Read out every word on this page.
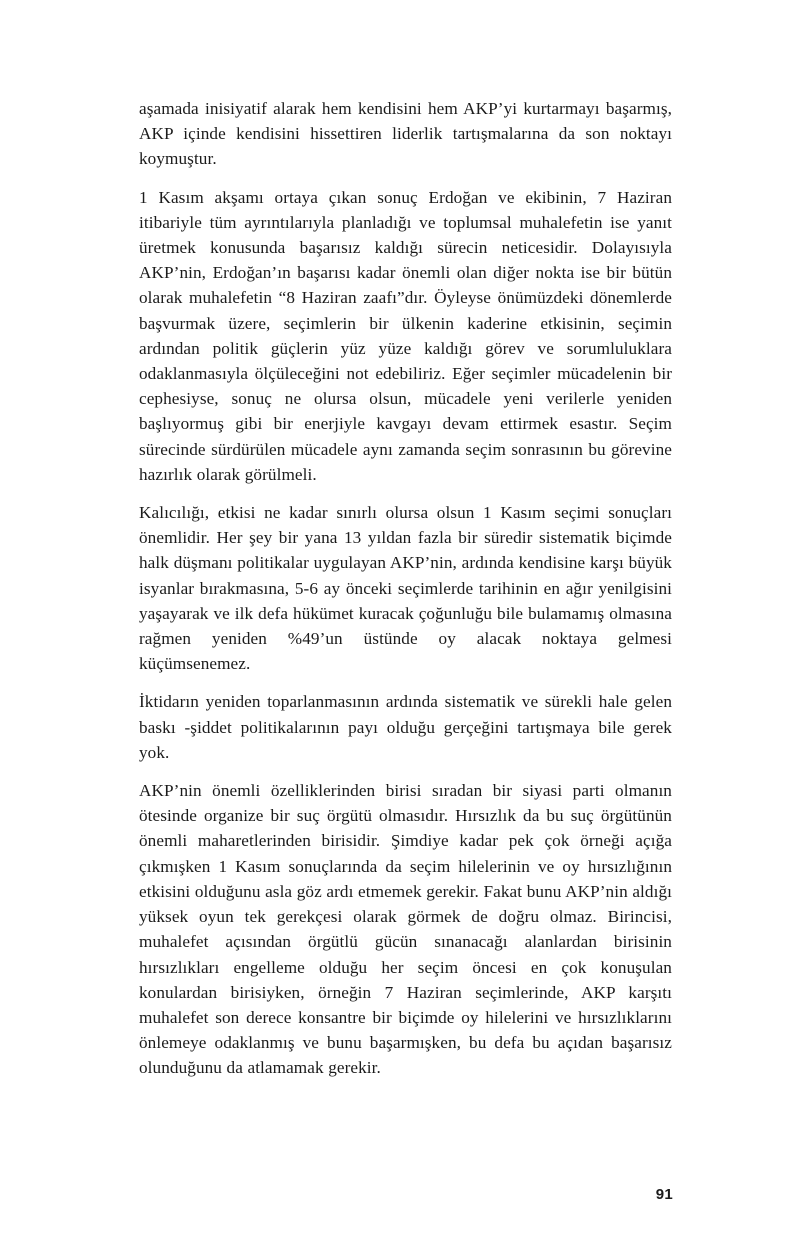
aşamada inisiyatif alarak hem kendisini hem AKP’yi kurtarmayı başarmış, AKP içinde kendisini hissettiren liderlik tartışmalarına da son noktayı koymuştur.

1 Kasım akşamı ortaya çıkan sonuç Erdoğan ve ekibinin, 7 Haziran itibariyle tüm ayrıntılarıyla planladığı ve toplumsal muhalefetin ise yanıt üretmek konusunda başarısız kaldığı sürecin neticesidir. Dolayısıyla AKP’nin, Erdoğan’ın başarısı kadar önemli olan diğer nokta ise bir bütün olarak muhalefetin “8 Haziran zaafı”dır. Öyleyse önümüzdeki dönemlerde başvurmak üzere, seçimlerin bir ülkenin kaderine etkisinin, seçimin ardından politik güçlerin yüz yüze kaldığı görev ve sorumluluklara odaklanmasıyla ölçüleceğini not edebiliriz. Eğer seçimler mücadelenin bir cephesiyse, sonuç ne olursa olsun, mücadele yeni verilerle yeniden başlıyormuş gibi bir enerjiyle kavgayı devam ettirmek esastır. Seçim sürecinde sürdürülen mücadele aynı zamanda seçim sonrasının bu görevine hazırlık olarak görülmeli.

Kalıcılığı, etkisi ne kadar sınırlı olursa olsun 1 Kasım seçimi sonuçları önemlidir. Her şey bir yana 13 yıldan fazla bir süredir sistematik biçimde halk düşmanı politikalar uygulayan AKP’nin, ardında kendisine karşı büyük isyanlar bırakmasına, 5-6 ay önceki seçimlerde tarihinin en ağır yenilgisini yaşayarak ve ilk defa hükümet kuracak çoğunluğu bile bulamamış olmasına rağmen yeniden %49’un üstünde oy alacak noktaya gelmesi küçümsenemez.

İktidarın yeniden toparlanmasının ardında sistematik ve sürekli hale gelen baskı -şiddet politikalarının payı olduğu gerçeğini tartışmaya bile gerek yok.

AKP’nin önemli özelliklerinden birisi sıradan bir siyasi parti olmanın ötesinde organize bir suç örgütü olmasıdır. Hırsızlık da bu suç örgütünün önemli maharetlerinden birisidir. Şimdiye kadar pek çok örneği açığa çıkmışken 1 Kasım sonuçlarında da seçim hilelerinin ve oy hırsızlığının etkisini olduğunu asla göz ardı etmemek gerekir. Fakat bunu AKP’nin aldığı yüksek oyun tek gerekçesi olarak görmek de doğru olmaz. Birincisi, muhalefet açısından örgütlü gücün sınanacağı alanlardan birisinin hırsızlıkları engelleme olduğu her seçim öncesi en çok konuşulan konulardan birisiyken, örneğin 7 Haziran seçimlerinde, AKP karşıtı muhalefet son derece konsantre bir biçimde oy hilelerini ve hırsızlıklarını önlemeye odaklanmış ve bunu başarmışken, bu defa bu açıdan başarısız olunduğunu da atlamamak gerekir.

91
